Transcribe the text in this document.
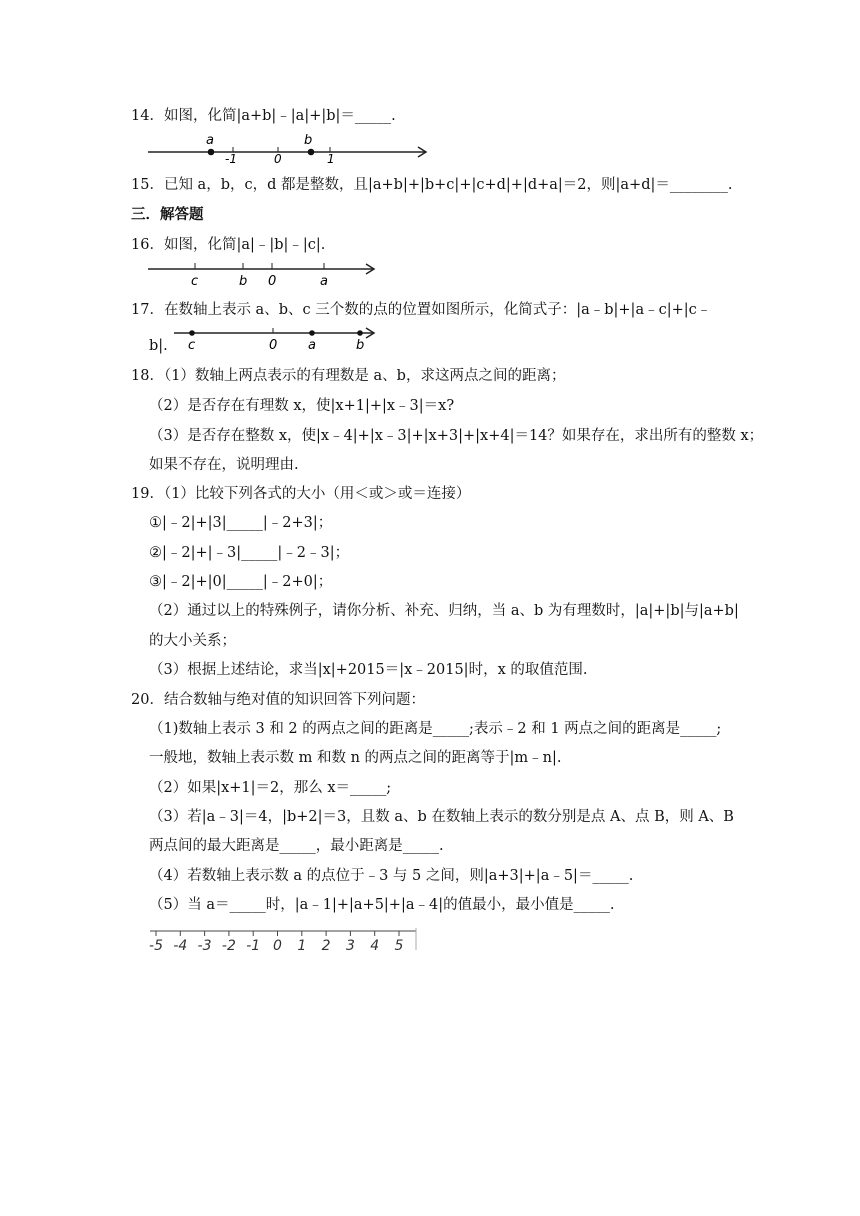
14．如图，化简|a+b|﹣|a|+|b|＝_____.
a
-1	0
b
1
15．已知 a，b，c，d 都是整数，且|a+b|+|b+c|+|c+d|+|d+a|＝2，则|a+d|＝________.
三．解答题
16．如图，化简|a|﹣|b|﹣|c|.
c	b 0	a
17．在数轴上表示 a、b、c 三个数的点的位置如图所示，化简式子：|a﹣b|+|a﹣c|+|c﹣
b|. c	0 a	b
18．（1）数轴上两点表示的有理数是 a、b，求这两点之间的距离；
（2）是否存在有理数 x，使|x+1|+|x﹣3|＝x?
（3）是否存在整数 x，使|x﹣4|+|x﹣3|+|x+3|+|x+4|＝14？如果存在，求出所有的整数 x；
如果不存在，说明理由.
19．（1）比较下列各式的大小（用＜或＞或＝连接）
①|﹣2|+|3|_____|﹣2+3|；
②|﹣2|+|﹣3|_____|﹣2﹣3|；
③|﹣2|+|0|_____|﹣2+0|；
（2）通过以上的特殊例子，请你分析、补充、归纳，当 a、b 为有理数时，|a|+|b|与|a+b|
的大小关系；
（3）根据上述结论，求当|x|+2015＝|x﹣2015|时，x 的取值范围.
20．结合数轴与绝对值的知识回答下列问题：
（1)数轴上表示 3 和 2 的两点之间的距离是_____;表示﹣2 和 1 两点之间的距离是_____;
一般地，数轴上表示数 m 和数 n 的两点之间的距离等于|m﹣n|.
（2）如果|x+1|＝2，那么 x＝_____;
（3）若|a﹣3|＝4，|b+2|＝3，且数 a、b 在数轴上表示的数分别是点 A、点 B，则 A、B
两点间的最大距离是_____，最小距离是_____.
（4）若数轴上表示数 a 的点位于﹣3 与 5 之间，则|a+3|+|a﹣5|＝_____.
（5）当 a＝_____时，|a﹣1|+|a+5|+|a﹣4|的值最小，最小值是_____.
-5 -4 -3 -2 -1 0 1 2 3 4 5
